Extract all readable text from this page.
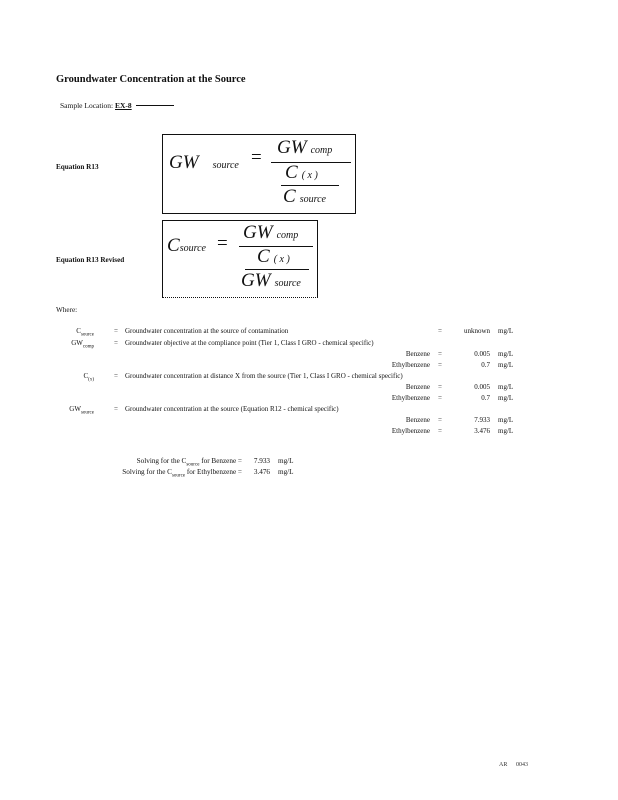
Groundwater Concentration at the Source
Sample Location: EX-8
Equation R13	GW source = GW comp
C ( x )
C source
Equation R13 Revised
Csource =
GW comp
C ( x )
GW source
Where:
$C_{source}$	= Groundwater concentration at the source of contamination	=	unknown mg/L
$GW_{comp}$	= Groundwater objective at the compliance point (Tier 1, Class I GRO - chemical specific)
Benzene =	0.005 mg/L
Ethylbenzene =	0.7 mg/L
$C_{(x)}$	= Groundwater concentration at distance X from the source (Tier 1, Class I GRO - chemical specific)
Benzene =	0.005 mg/L
Ethylbenzene =	0.7 mg/L
$GW_{source}$	= Groundwater concentration at the source (Equation R12 - chemical specific)
Benzene =	7.933 mg/L
Ethylbenzene =	3.476 mg/L
Solving for the $C_{source}$ for Benzene =	7.933 mg/L
Solving for the $C_{source}$ for Ethylbenzene =	3.476 mg/L
AR 0043
